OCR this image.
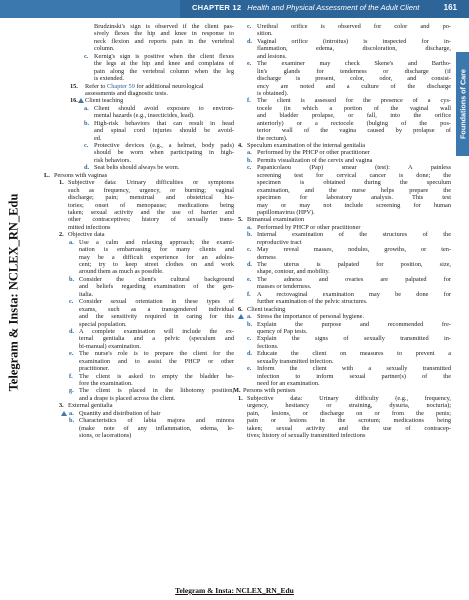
CHAPTER 12 Health and Physical Assessment of the Adult Client	161
Foundations of Care
Telegram & Insta: NCLEX_RN_Edu
Brudzinski's sign is observed if the client pas-
sively flexes the hip and knee in response to
neck flexion and reports pain in the vertebral
column.
c. Kernig's sign is positive when the client flexes
the legs at the hip and knee and complains of
pain along the vertebral column when the leg
is extended.
15. Refer to Chapter 59 for additional neurological
assessments and diagnostic tests.
16. Client teaching
a. Client should avoid exposure to environ-
mental hazards (e.g., insecticides, lead).
b. High-risk behaviors that can result in head
and spinal cord injuries should be avoid-
ed.
c. Protective devices (e.g., a helmet, body pads)
should be worn when participating in high-
risk behaviors.
d. Seat belts should always be worn.
L. Persons with vaginas
1. Subjective data: Urinary difficulties or symptoms
such as frequency, urgency, or burning; vaginal
discharge; pain; menstrual and obstetrical his-
tories; onset of menopause; medications being
taken; sexual activity and the use of barrier and
other contraceptives; history of sexually trans-
mitted infections
2. Objective data
a. Use a calm and relaxing approach; the exami-
nation is embarrassing for many clients and
may be a difficult experience for an adoles-
cent; try to keep street clothes on and work
around them as much as possible.
b. Consider the client's cultural background
and beliefs regarding examination of the gen-
italia.
c. Consider sexual orientation in these types of
exams, such as a transgendered individual
and the sensitivity required in caring for this
special population.
d. A complete examination will include the ex-
ternal genitalia and a pelvic (speculum and
bi-manual) examination.
e. The nurse's role is to prepare the client for the
examination and to assist the PHCP or other
practitioner.
f. The client is asked to empty the bladder be-
fore the examination.
g. The client is placed in the lithotomy position,
and a drape is placed across the client.
3. External genitalia
a. Quantity and distribution of hair
b. Characteristics of labia majora and minora
(make note of any inflammation, edema, le-
sions, or lacerations)
c. Urethral orifice is observed for color and po-
sition.
d. Vaginal orifice (introitus) is inspected for in-
flammation, edema, discoloration, discharge,
and lesions.
e. The examiner may check Skene's and Bartho-
lin's glands for tenderness or discharge (if
discharge is present, color, odor, and consist-
ency are noted and a culture of the discharge
is obtained).
f. The client is assessed for the presence of a cys-
tocele (in which a portion of the vaginal wall
and bladder prolapse, or fall, into the orifice
anteriorly) or a rectocele (bulging of the pos-
terior wall of the vagina caused by prolapse of
the rectum).
4. Speculum examination of the internal genitalia
a. Performed by the PHCP or other practitioner
b. Permits visualization of the cervix and vagina
c. Papanicolaou (Pap) smear (test): A painless
screening test for cervical cancer is done; the
specimen is obtained during the speculum
examination, and the nurse helps prepare the
specimen for laboratory analysis. This test
may or may not include screening for human
papillomavirus (HPV).
5. Bimanual examination
a. Performed by PHCP or other practitioner
b. Internal examination of the structures of the
reproductive tract
c. May reveal masses, nodules, growths, or ten-
derness
d. The uterus is palpated for position, size,
shape, contour, and mobility.
e. The adnexa and ovaries are palpated for
masses or tenderness.
f. A rectovaginal examination may be done for
further examination of the pelvic structures.
6. Client teaching
a. Stress the importance of personal hygiene.
b. Explain the purpose and recommended fre-
quency of Pap tests.
c. Explain the signs of sexually transmitted in-
fections.
d. Educate the client on measures to prevent a
sexually transmitted infection.
e. Inform the client with a sexually transmitted
infection to inform sexual partner(s) of the
need for an examination.
M. Persons with penises
1. Subjective data: Urinary difficulty (e.g., frequency,
urgency, hesitancy or straining, dysuria, nocturia);
pain, lesions, or discharge on or from the penis;
pain or lesions in the scrotum; medications being
taken; sexual activity and the use of contracep-
tives; history of sexually transmitted infections
Telegram & Insta: NCLEX_RN_Edu
